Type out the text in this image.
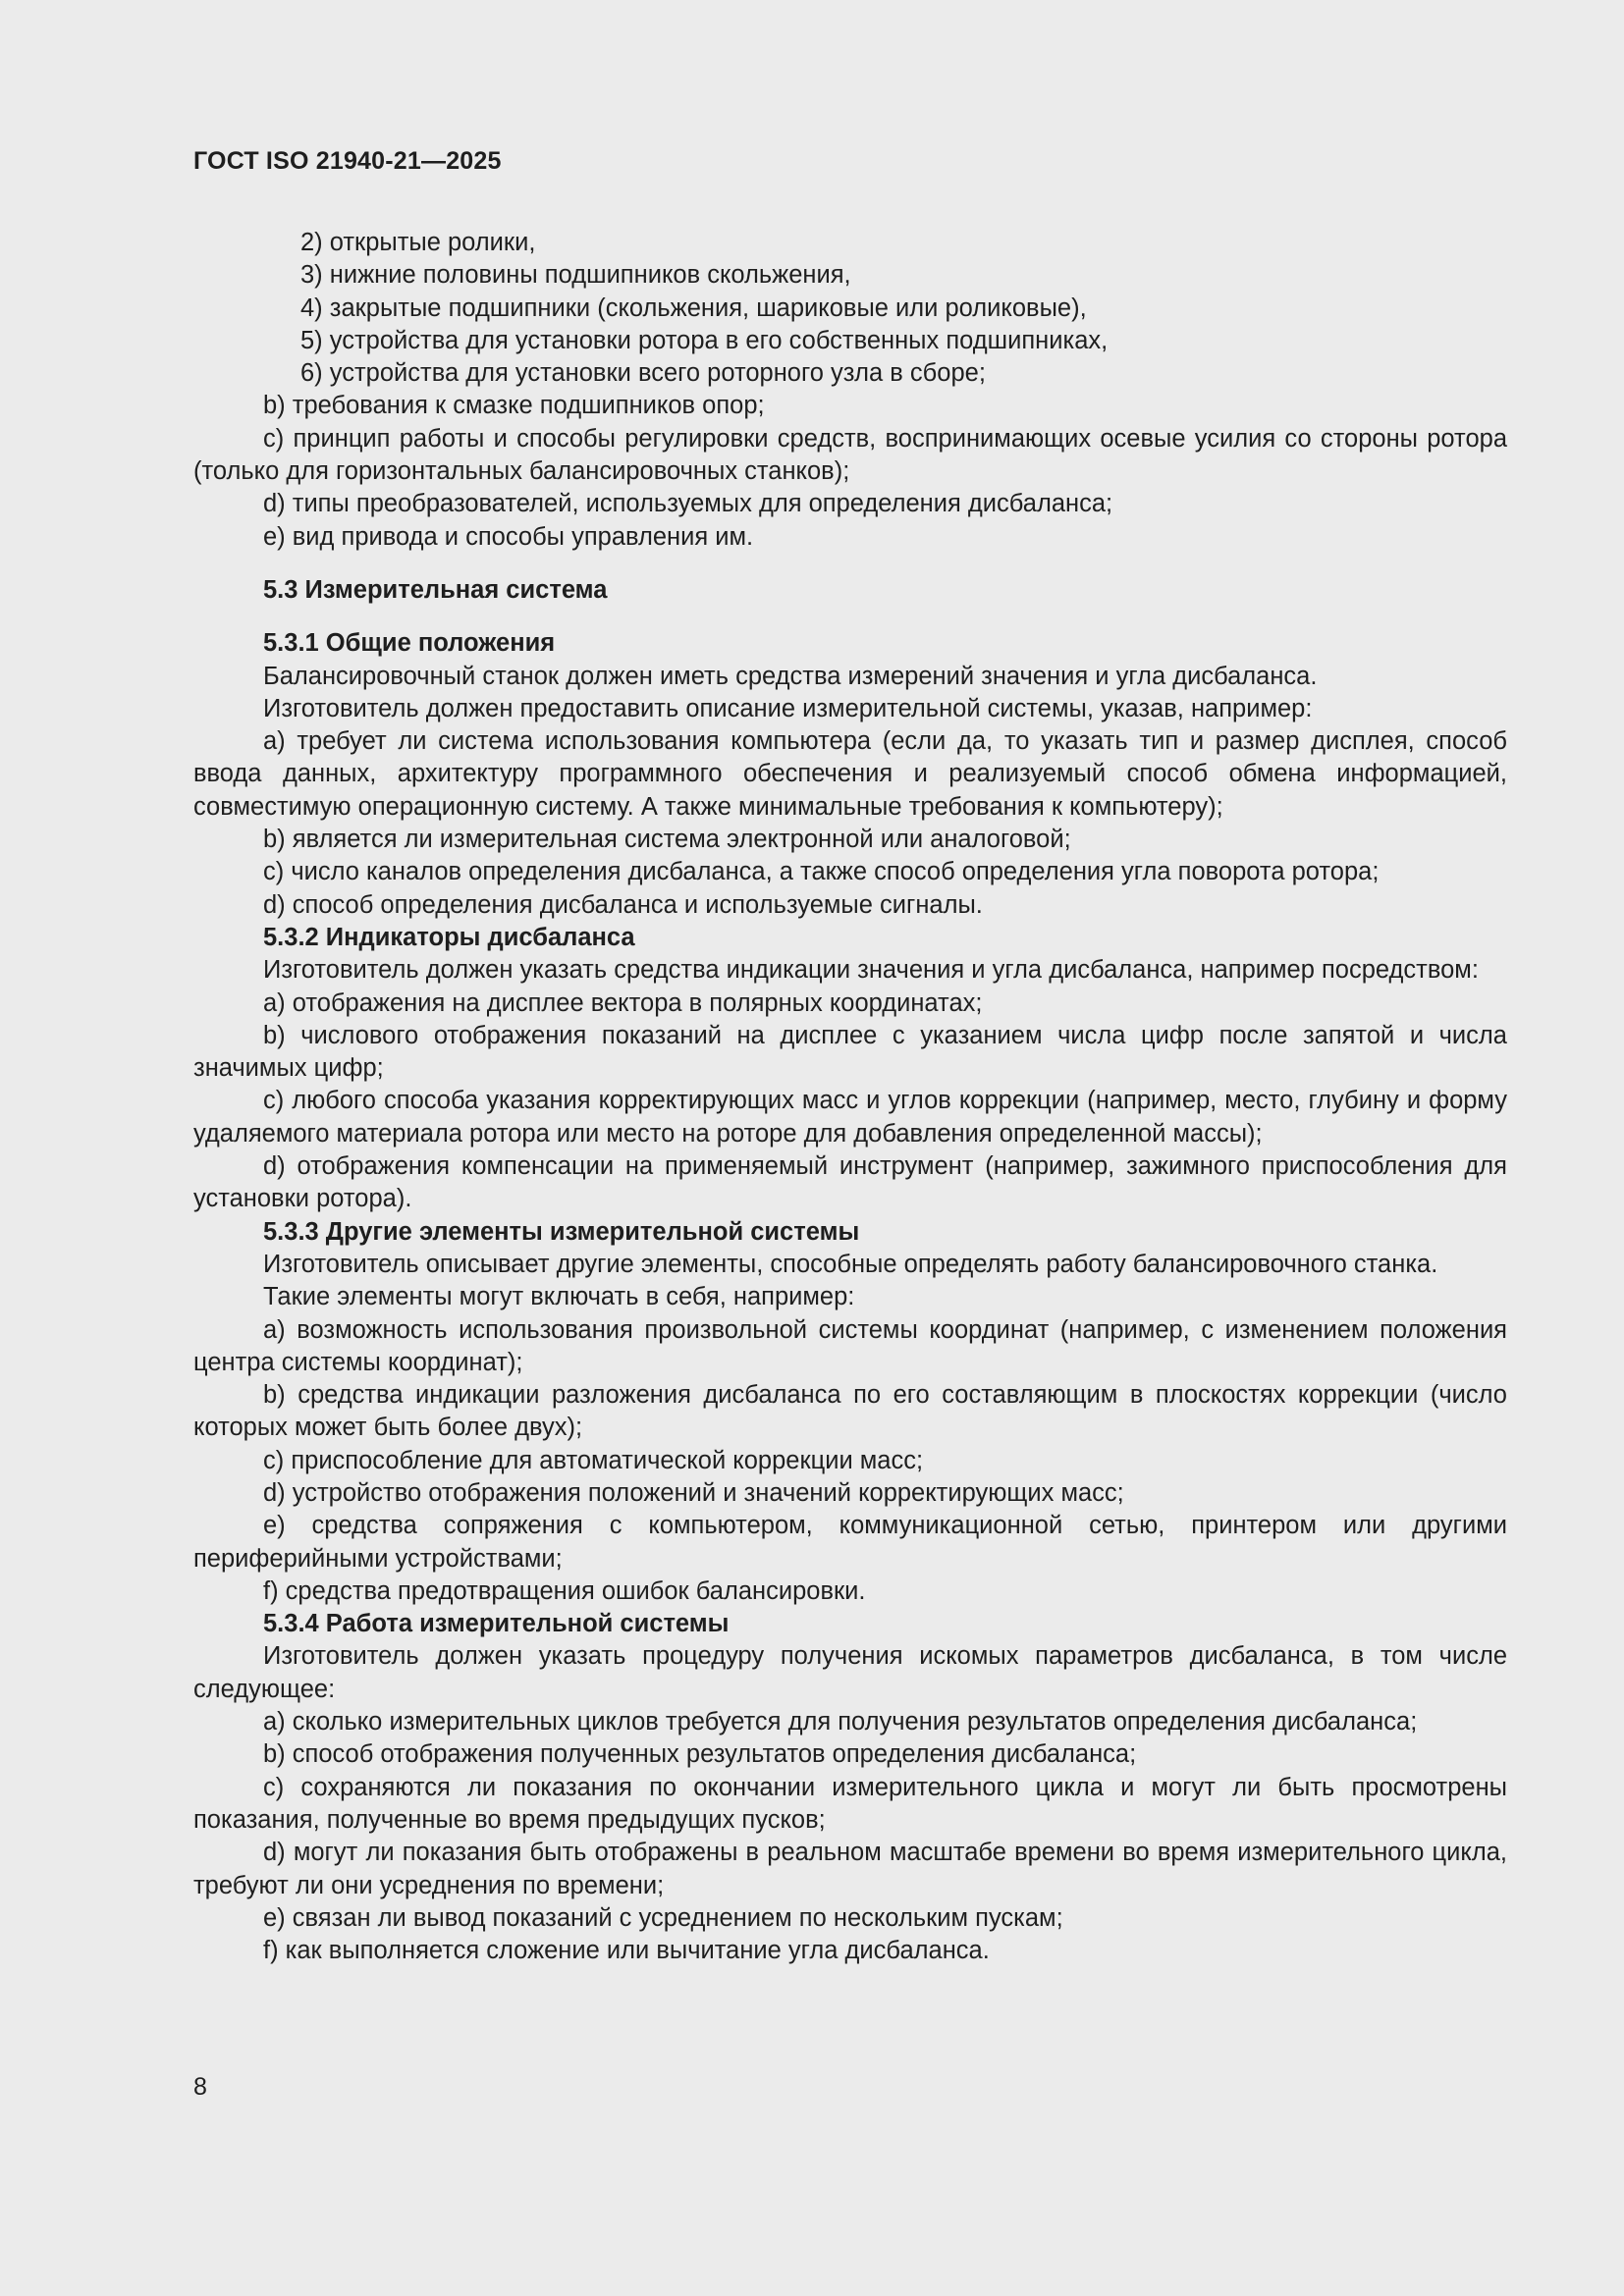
ГОСТ ISO 21940-21—2025

2) открытые ролики,

3) нижние половины подшипников скольжения,

4) закрытые подшипники (скольжения, шариковые или роликовые),

5) устройства для установки ротора в его собственных подшипниках,

6) устройства для установки всего роторного узла в сборе;

b) требования к смазке подшипников опор;

c) принцип работы и способы регулировки средств, воспринимающих осевые усилия со стороны ротора (только для горизонтальных балансировочных станков);

d) типы преобразователей, используемых для определения дисбаланса;

e) вид привода и способы управления им.

5.3 Измерительная система

5.3.1 Общие положения

Балансировочный станок должен иметь средства измерений значения и угла дисбаланса.

Изготовитель должен предоставить описание измерительной системы, указав, например:

a) требует ли система использования компьютера (если да, то указать тип и размер дисплея, способ ввода данных, архитектуру программного обеспечения и реализуемый способ обмена информацией, совместимую операционную систему. А также минимальные требования к компьютеру);

b) является ли измерительная система электронной или аналоговой;

c) число каналов определения дисбаланса, а также способ определения угла поворота ротора;

d) способ определения дисбаланса и используемые сигналы.

5.3.2 Индикаторы дисбаланса

Изготовитель должен указать средства индикации значения и угла дисбаланса, например посредством:

a) отображения на дисплее вектора в полярных координатах;

b) числового отображения показаний на дисплее с указанием числа цифр после запятой и числа значимых цифр;

c) любого способа указания корректирующих масс и углов коррекции (например, место, глубину и форму удаляемого материала ротора или место на роторе для добавления определенной массы);

d) отображения компенсации на применяемый инструмент (например, зажимного приспособления для установки ротора).

5.3.3 Другие элементы измерительной системы

Изготовитель описывает другие элементы, способные определять работу балансировочного станка.

Такие элементы могут включать в себя, например:

a) возможность использования произвольной системы координат (например, с изменением положения центра системы координат);

b) средства индикации разложения дисбаланса по его составляющим в плоскостях коррекции (число которых может быть более двух);

c) приспособление для автоматической коррекции масс;

d) устройство отображения положений и значений корректирующих масс;

e) средства сопряжения с компьютером, коммуникационной сетью, принтером или другими периферийными устройствами;

f) средства предотвращения ошибок балансировки.

5.3.4 Работа измерительной системы

Изготовитель должен указать процедуру получения искомых параметров дисбаланса, в том числе следующее:

a) сколько измерительных циклов требуется для получения результатов определения дисбаланса;

b) способ отображения полученных результатов определения дисбаланса;

c) сохраняются ли показания по окончании измерительного цикла и могут ли быть просмотрены показания, полученные во время предыдущих пусков;

d) могут ли показания быть отображены в реальном масштабе времени во время измерительного цикла, требуют ли они усреднения по времени;

e) связан ли вывод показаний с усреднением по нескольким пускам;

f) как выполняется сложение или вычитание угла дисбаланса.

8
